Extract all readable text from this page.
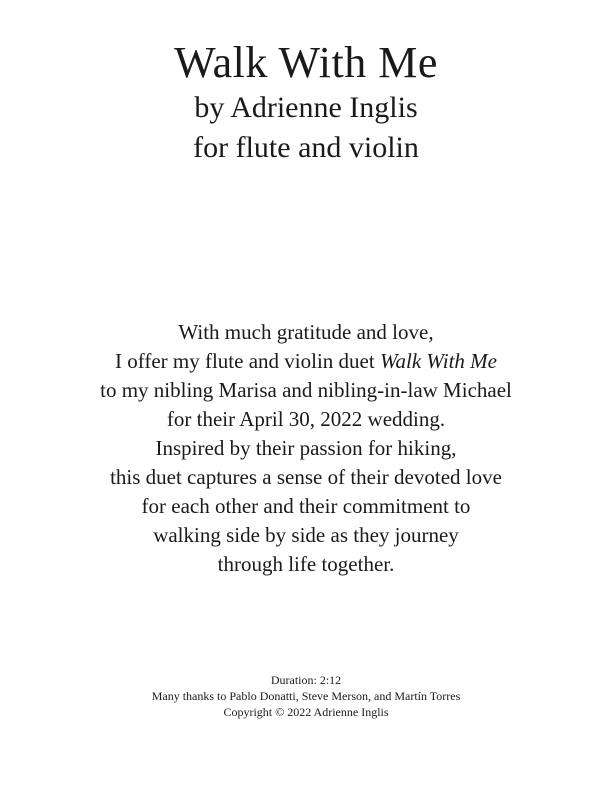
Walk With Me

by Adrienne Inglis

for flute and violin

With much gratitude and love,

I offer my flute and violin duet Walk With Me

to my nibling Marisa and nibling-in-law Michael

for their April 30, 2022 wedding.

Inspired by their passion for hiking,

this duet captures a sense of their devoted love

for each other and their commitment to

walking side by side as they journey

through life together.

Duration: 2:12

Many thanks to Pablo Donatti, Steve Merson, and Martín Torres

Copyright © 2022 Adrienne Inglis
